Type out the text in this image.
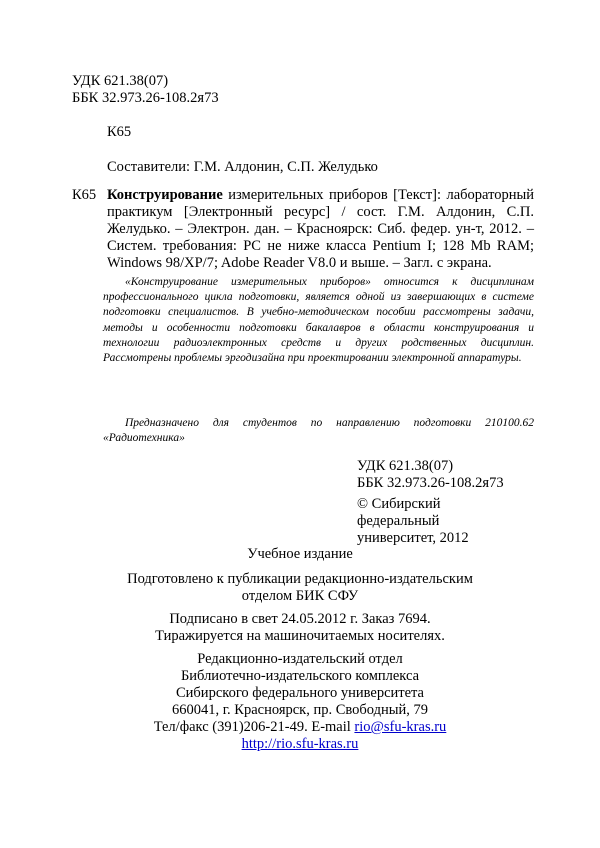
УДК 621.38(07)
ББК 32.973.26-108.2я73
К65
Составители: Г.М. Алдонин, С.П. Желудько
К65 Конструирование измерительных приборов [Текст]: лабораторный практикум [Электронный ресурс] / сост. Г.М. Алдонин, С.П. Желудько. – Электрон. дан. – Красноярск: Сиб. федер. ун-т, 2012. – Систем. требования: PC не ниже класса Pentium I; 128 Mb RAM; Windows 98/XP/7; Adobe Reader V8.0 и выше. – Загл. с экрана.

«Конструирование измерительных приборов» относится к дисциплинам профессионального цикла подготовки, является одной из завершающих в системе подготовки специалистов. В учебно-методическом пособии рассмотрены задачи, методы и особенности подготовки бакалавров в области конструирования и технологии радиоэлектронных средств и других родственных дисциплин. Рассмотрены проблемы эргодизайна при проектировании электронной аппаратуры.

Предназначено для студентов по направлению подготовки 210100.62 «Радиотехника»

УДК 621.38(07)
ББК 32.973.26-108.2я73
© Сибирский
федеральный
университет, 2012
Учебное издание
Подготовлено к публикации редакционно-издательским
отделом БИК СФУ
Подписано в свет 24.05.2012 г. Заказ 7694.
Тиражируется на машиночитаемых носителях.
Редакционно-издательский отдел
Библиотечно-издательского комплекса
Сибирского федерального университета
660041, г. Красноярск, пр. Свободный, 79
Тел/факс (391)206-21-49. E-mail rio@sfu-kras.ru
http://rio.sfu-kras.ru
